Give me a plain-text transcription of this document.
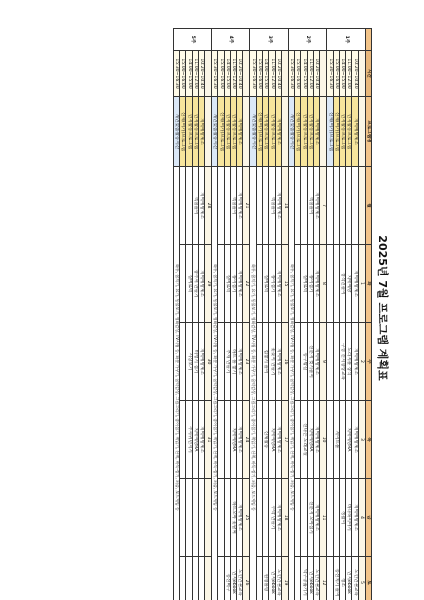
2025년 7월 프로그램 계획표
	시간	프로그램명	월	화	수	목	금	토
1주				1	2	3	4	5
	10:20~10:40	치매예방체조		치매예방체조	치매예방체조	치매예방체조	치매예방체조	노인인권교육
	11:00~12:00	인지활동프로그램		치매예방	도라지볼 장식	치매예방RA	바다속이야기	인지ebook
	14:00~15:00	인지활동프로그램		정적인놀이	구성 인지향상교육		생활이	청소
	15:00~16:00	신체(여가)프로그램				게이트볼		풍선치기 놀이
	15:30~16:30	신체(여가)프로그램						
2주			7	8	9	10	11	12
	10:20~10:40	치매예방체조	치매예방체조	치매예방체조	치매예방체조	치매예방체조	치매예방체조	노인인권교육
	11:00~12:00	인지활동프로그램	색칠놀이	종이접기	신문지 찢기놀이	치매예방RA	신문지 모아접기	인지ebook
	14:00~15:00	인지활동프로그램		실버로빅	동구밖길	신나는 노래교실		탁구공옮기기
	15:00~16:00	신체(여가)프로그램						
	15:30~16:30	개인맞춤활동시간	화투, 몸치기, 요가, 동물보기, 영화감상, TV시청 등, 화분 가꾸기, 음악감상, 그림그리기, 종이접기, 책읽기, 산책, 바둑·장기, 퍼즐, 보드게임 등					
3주			14	15	16	17	18	19
	10:20~10:40	치매예방체조	치매예방체조	치매예방체조	치매예방체조	치매예방체조	치매예방체조	노인인권교육
	11:00~12:00	인지활동프로그램	색칠놀이	종이접기	꽃꽂이 만들기	치매예방RA	수박 만들기	인지ebook
	14:00~15:00	인지활동프로그램		실버로빅	컵쌓기 놀이	신체활동		원형볼링
	15:00~16:00	신체(여가)프로그램						
	15:30~16:30	개인맞춤활동시간	화투, 몸치기, 요가, 동물보기, 영화감상, TV시청 등, 화분 가꾸기, 음악감상, 그림그리기, 종이접기, 책읽기, 산책, 바둑·장기, 퍼즐, 보드게임 등					
4주			21	22	23	24	25	26
	10:20~10:40	치매예방체조	치매예방체조	치매예방체조	치매예방체조	치매예방체조	치매예방체조	노인인권교육
	11:00~12:00	인지활동프로그램	색칠놀이	종이접기	하트 볼 쌓기	치매예방RA	하트모아 꽃팔찌	인지ebook
	14:00~15:00	인지활동프로그램		실버로빅	부채 만들기			풍선배구
	15:00~16:00	신체(여가)프로그램						
	15:30~16:30	개인맞춤활동시간	화투, 몸치기, 요가, 동물보기, 영화감상, TV시청 등, 화분 가꾸기, 음악감상, 그림그리기, 종이접기, 책읽기, 산책, 바둑·장기, 퍼즐, 보드게임 등					
5주			28	29	30	31		
	10:20~10:40	치매예방체조	치매예방체조	치매예방체조	치매예방체조	치매예방체조		
	11:00~12:00	인지활동프로그램	색칠놀이	양주셔 만들기	비행기 접기	치매예방RA		
	14:00~15:00	인지활동프로그램		실버로빅	시장보기	주사위던지기		
	15:00~16:00	신체(여가)프로그램						
	15:30~16:30	개인맞춤활동시간	화투, 몸치기, 요가, 동물보기, 영화감상, TV시청 등, 화분 가꾸기, 음악감상, 그림그리기, 종이접기, 책읽기, 산책, 바둑·장기, 퍼즐, 보드게임 등					
